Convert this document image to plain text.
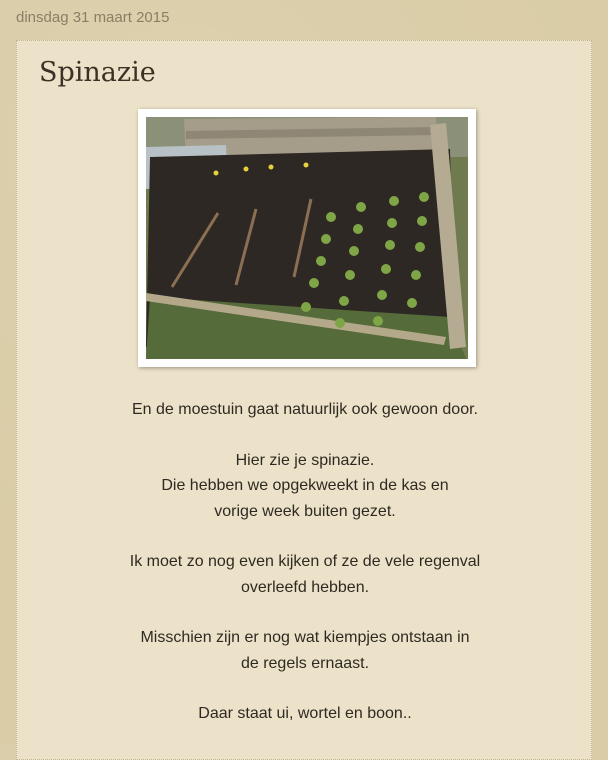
dinsdag 31 maart 2015
Spinazie

En de moestuin gaat natuurlijk ook gewoon door.

Hier zie je spinazie.
Die hebben we opgekweekt in de kas en
vorige week buiten gezet.

Ik moet zo nog even kijken of ze de vele regenval
overleefd hebben.

Misschien zijn er nog wat kiempjes ontstaan in
de regels ernaast.

Daar staat ui, wortel en boon..
